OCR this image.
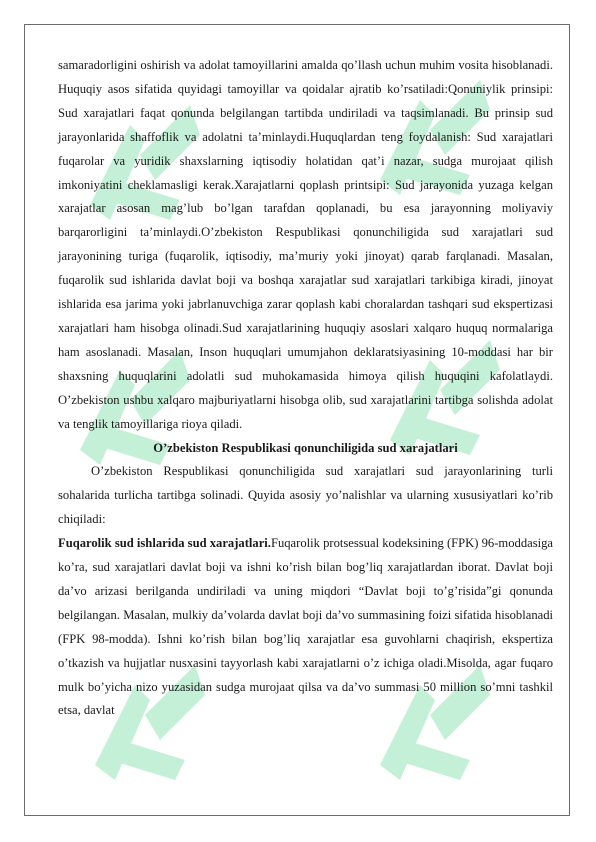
samaradorligini oshirish va adolat tamoyillarini amalda qo’llash uchun muhim vosita hisoblanadi. Huquqiy asos sifatida quyidagi tamoyillar va qoidalar ajratib ko’rsatiladi:Qonuniylik prinsipi: Sud xarajatlari faqat qonunda belgilangan tartibda undiriladi va taqsimlanadi. Bu prinsip sud jarayonlarida shaffoflik va adolatni ta’minlaydi.Huquqlardan teng foydalanish: Sud xarajatlari fuqarolar va yuridik shaxslarning iqtisodiy holatidan qat’i nazar, sudga murojaat qilish imkoniyatini cheklamasligi kerak.Xarajatlarni qoplash printsipi: Sud jarayonida yuzaga kelgan xarajatlar asosan mag’lub bo’lgan tarafdan qoplanadi, bu esa jarayonning moliyaviy barqarorligini ta’minlaydi.O’zbekiston Respublikasi qonunchiligida sud xarajatlari sud jarayonining turiga (fuqarolik, iqtisodiy, ma’muriy yoki jinoyat) qarab farqlanadi. Masalan, fuqarolik sud ishlarida davlat boji va boshqa xarajatlar sud xarajatlari tarkibiga kiradi, jinoyat ishlarida esa jarima yoki jabrlanuvchiga zarar qoplash kabi choralardan tashqari sud ekspertizasi xarajatlari ham hisobga olinadi.Sud xarajatlarining huquqiy asoslari xalqaro huquq normalariga ham asoslanadi. Masalan, Inson huquqlari umumjahon deklaratsiyasining 10-moddasi har bir shaxsning huquqlarini adolatli sud muhokamasida himoya qilish huquqini kafolatlaydi. O’zbekiston ushbu xalqaro majburiyatlarni hisobga olib, sud xarajatlarini tartibga solishda adolat va tenglik tamoyillariga rioya qiladi.

O’zbekiston Respublikasi qonunchiligida sud xarajatlari

O’zbekiston Respublikasi qonunchiligida sud xarajatlari sud jarayonlarining turli sohalarida turlicha tartibga solinadi. Quyida asosiy yo’nalishlar va ularning xususiyatlari ko’rib chiqiladi:

Fuqarolik sud ishlarida sud xarajatlari.Fuqarolik protsessual kodeksining (FPK) 96-moddasiga ko’ra, sud xarajatlari davlat boji va ishni ko’rish bilan bog’liq xarajatlardan iborat. Davlat boji da’vo arizasi berilganda undiriladi va uning miqdori “Davlat boji to’g’risida”gi qonunda belgilangan. Masalan, mulkiy da’volarda davlat boji da’vo summasining foizi sifatida hisoblanadi (FPK 98-modda). Ishni ko’rish bilan bog’liq xarajatlar esa guvohlarni chaqirish, ekspertiza o’tkazish va hujjatlar nusxasini tayyorlash kabi xarajatlarni o’z ichiga oladi.Misolda, agar fuqaro mulk bo’yicha nizo yuzasidan sudga murojaat qilsa va da’vo summasi 50 million so’mni tashkil etsa, davlat
